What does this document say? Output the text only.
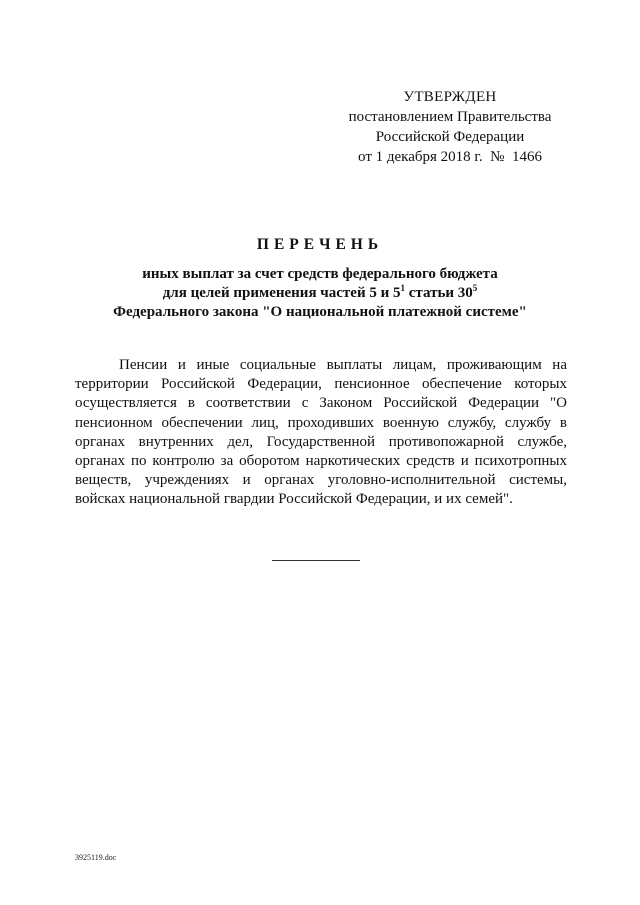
УТВЕРЖДЕН
постановлением Правительства
Российской Федерации
от 1 декабря 2018 г.  №  1466
ПЕРЕЧЕНЬ
иных выплат за счет средств федерального бюджета
для целей применения частей 5 и $5^1$ статьи $30^5$
Федерального закона "О национальной платежной системе"
Пенсии и иные социальные выплаты лицам, проживающим на территории Российской Федерации, пенсионное обеспечение которых осуществляется в соответствии с Законом Российской Федерации "О пенсионном обеспечении лиц, проходивших военную службу, службу в органах внутренних дел, Государственной противопожарной службе, органах по контролю за оборотом наркотических средств и психотропных веществ, учреждениях и органах уголовно-исполнительной системы, войсках национальной гвардии Российской Федерации, и их семей".
3925119.doc
